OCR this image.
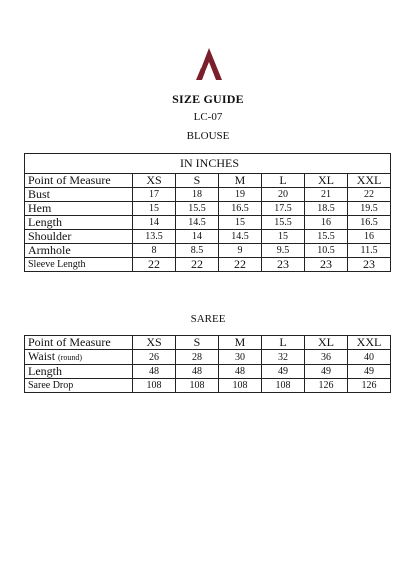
SIZE GUIDE
LC-07
BLOUSE
IN INCHES						
Point of Measure	XS	S	M	L	XL	XXL
Bust	17	18	19	20	21	22
Hem	15	15.5	16.5	17.5	18.5	19.5
Length	14	14.5	15	15.5	16	16.5
Shoulder	13.5	14	14.5	15	15.5	16
Armhole	8	8.5	9	9.5	10.5	11.5
Sleeve Length	22	22	22	23	23	23
SAREE
Point of Measure	XS	S	M	L	XL	XXL
Waist (round)	26	28	30	32	36	40
Length	48	48	48	49	49	49
Saree Drop	108	108	108	108	126	126
